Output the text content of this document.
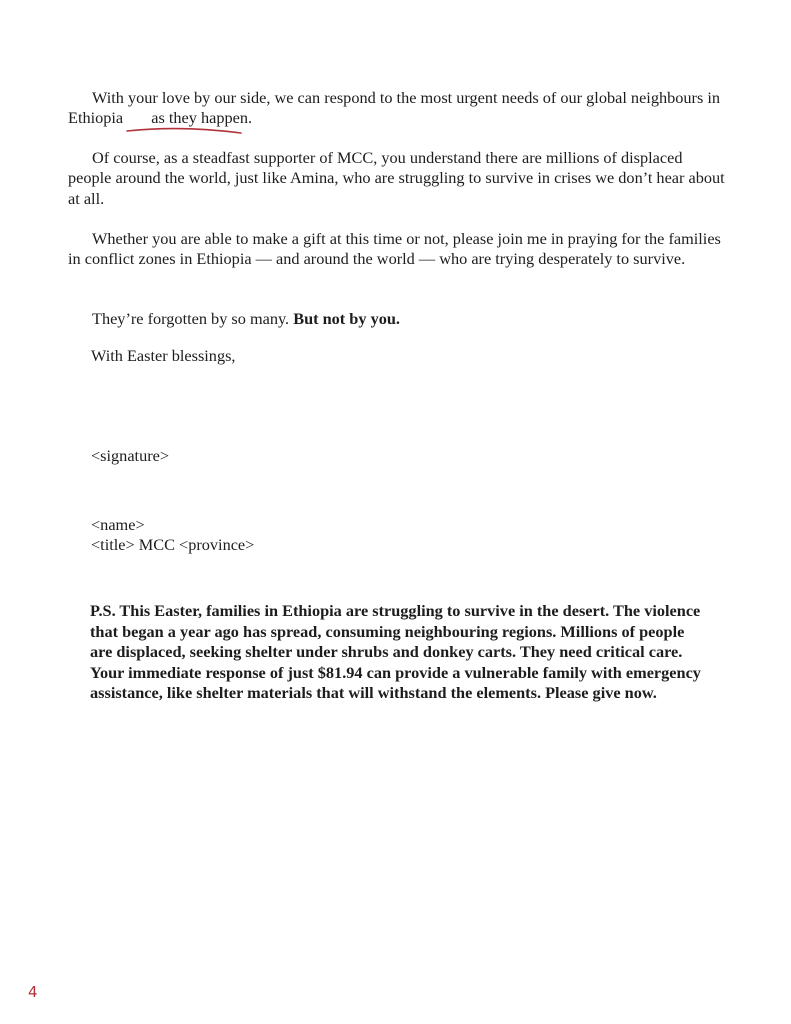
With your love by our side, we can respond to the most urgent needs of our global neighbours in Ethiopia as they happen
.

Of course, as a steadfast supporter of MCC, you understand there are millions of displaced people around the world, just like Amina, who are struggling to survive in crises we don’t hear about at all.

Whether you are able to make a gift at this time or not, please join me in praying for the families in conflict zones in Ethiopia — and around the world — who are trying desperately to survive.

They’re forgotten by so many. But not by you.

With Easter blessings,

<signature>

<name>

<title> MCC <province>

P.S. This Easter, families in Ethiopia are struggling to survive in the desert. The violence that began a year ago has spread, consuming neighbouring regions. Millions of people are displaced, seeking shelter under shrubs and donkey carts. They need critical care. Your immediate response of just $81.94 can provide a vulnerable family with emergency assistance, like shelter materials that will withstand the elements. Please give now.

4
